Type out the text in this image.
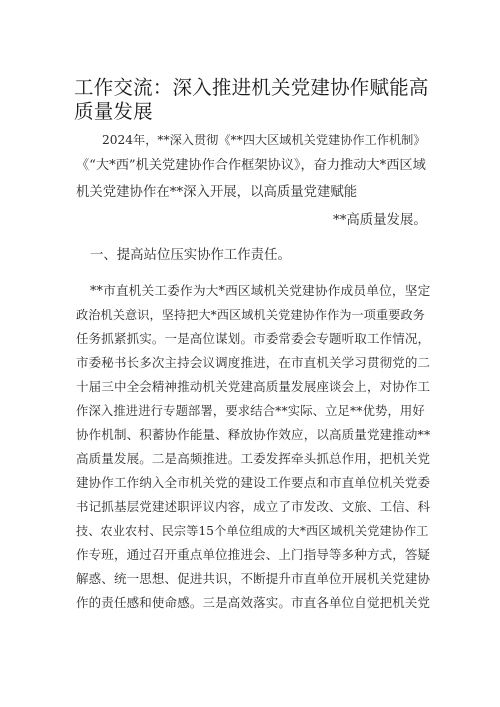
工作交流：深入推进机关党建协作赋能高质量发展
2024年，**深入贯彻《**四大区域机关党建协作工作机制》
《“大*西”机关党建协作合作框架协议》，奋力推动大*西区域
机关党建协作在**深入开展，以高质量党建赋能
**高质量发展。
一、提高站位压实协作工作责任。
**市直机关工委作为大*西区域机关党建协作成员单位，坚定
政治机关意识，坚持把大*西区域机关党建协作作为一项重要政务
任务抓紧抓实。一是高位谋划。市委常委会专题听取工作情况，
市委秘书长多次主持会议调度推进，在市直机关学习贯彻党的二
十届三中全会精神推动机关党建高质量发展座谈会上，对协作工
作深入推进进行专题部署，要求结合**实际、立足**优势，用好
协作机制、积蓄协作能量、释放协作效应，以高质量党建推动**
高质量发展。二是高频推进。工委发挥牵头抓总作用，把机关党
建协作工作纳入全市机关党的建设工作要点和市直单位机关党委
书记抓基层党建述职评议内容，成立了市发改、文旅、工信、科
技、农业农村、民宗等15个单位组成的大*西区域机关党建协作工
作专班，通过召开重点单位推进会、上门指导等多种方式，答疑
解惑、统一思想、促进共识，不断提升市直单位开展机关党建协
作的责任感和使命感。三是高效落实。市直各单位自觉把机关党
